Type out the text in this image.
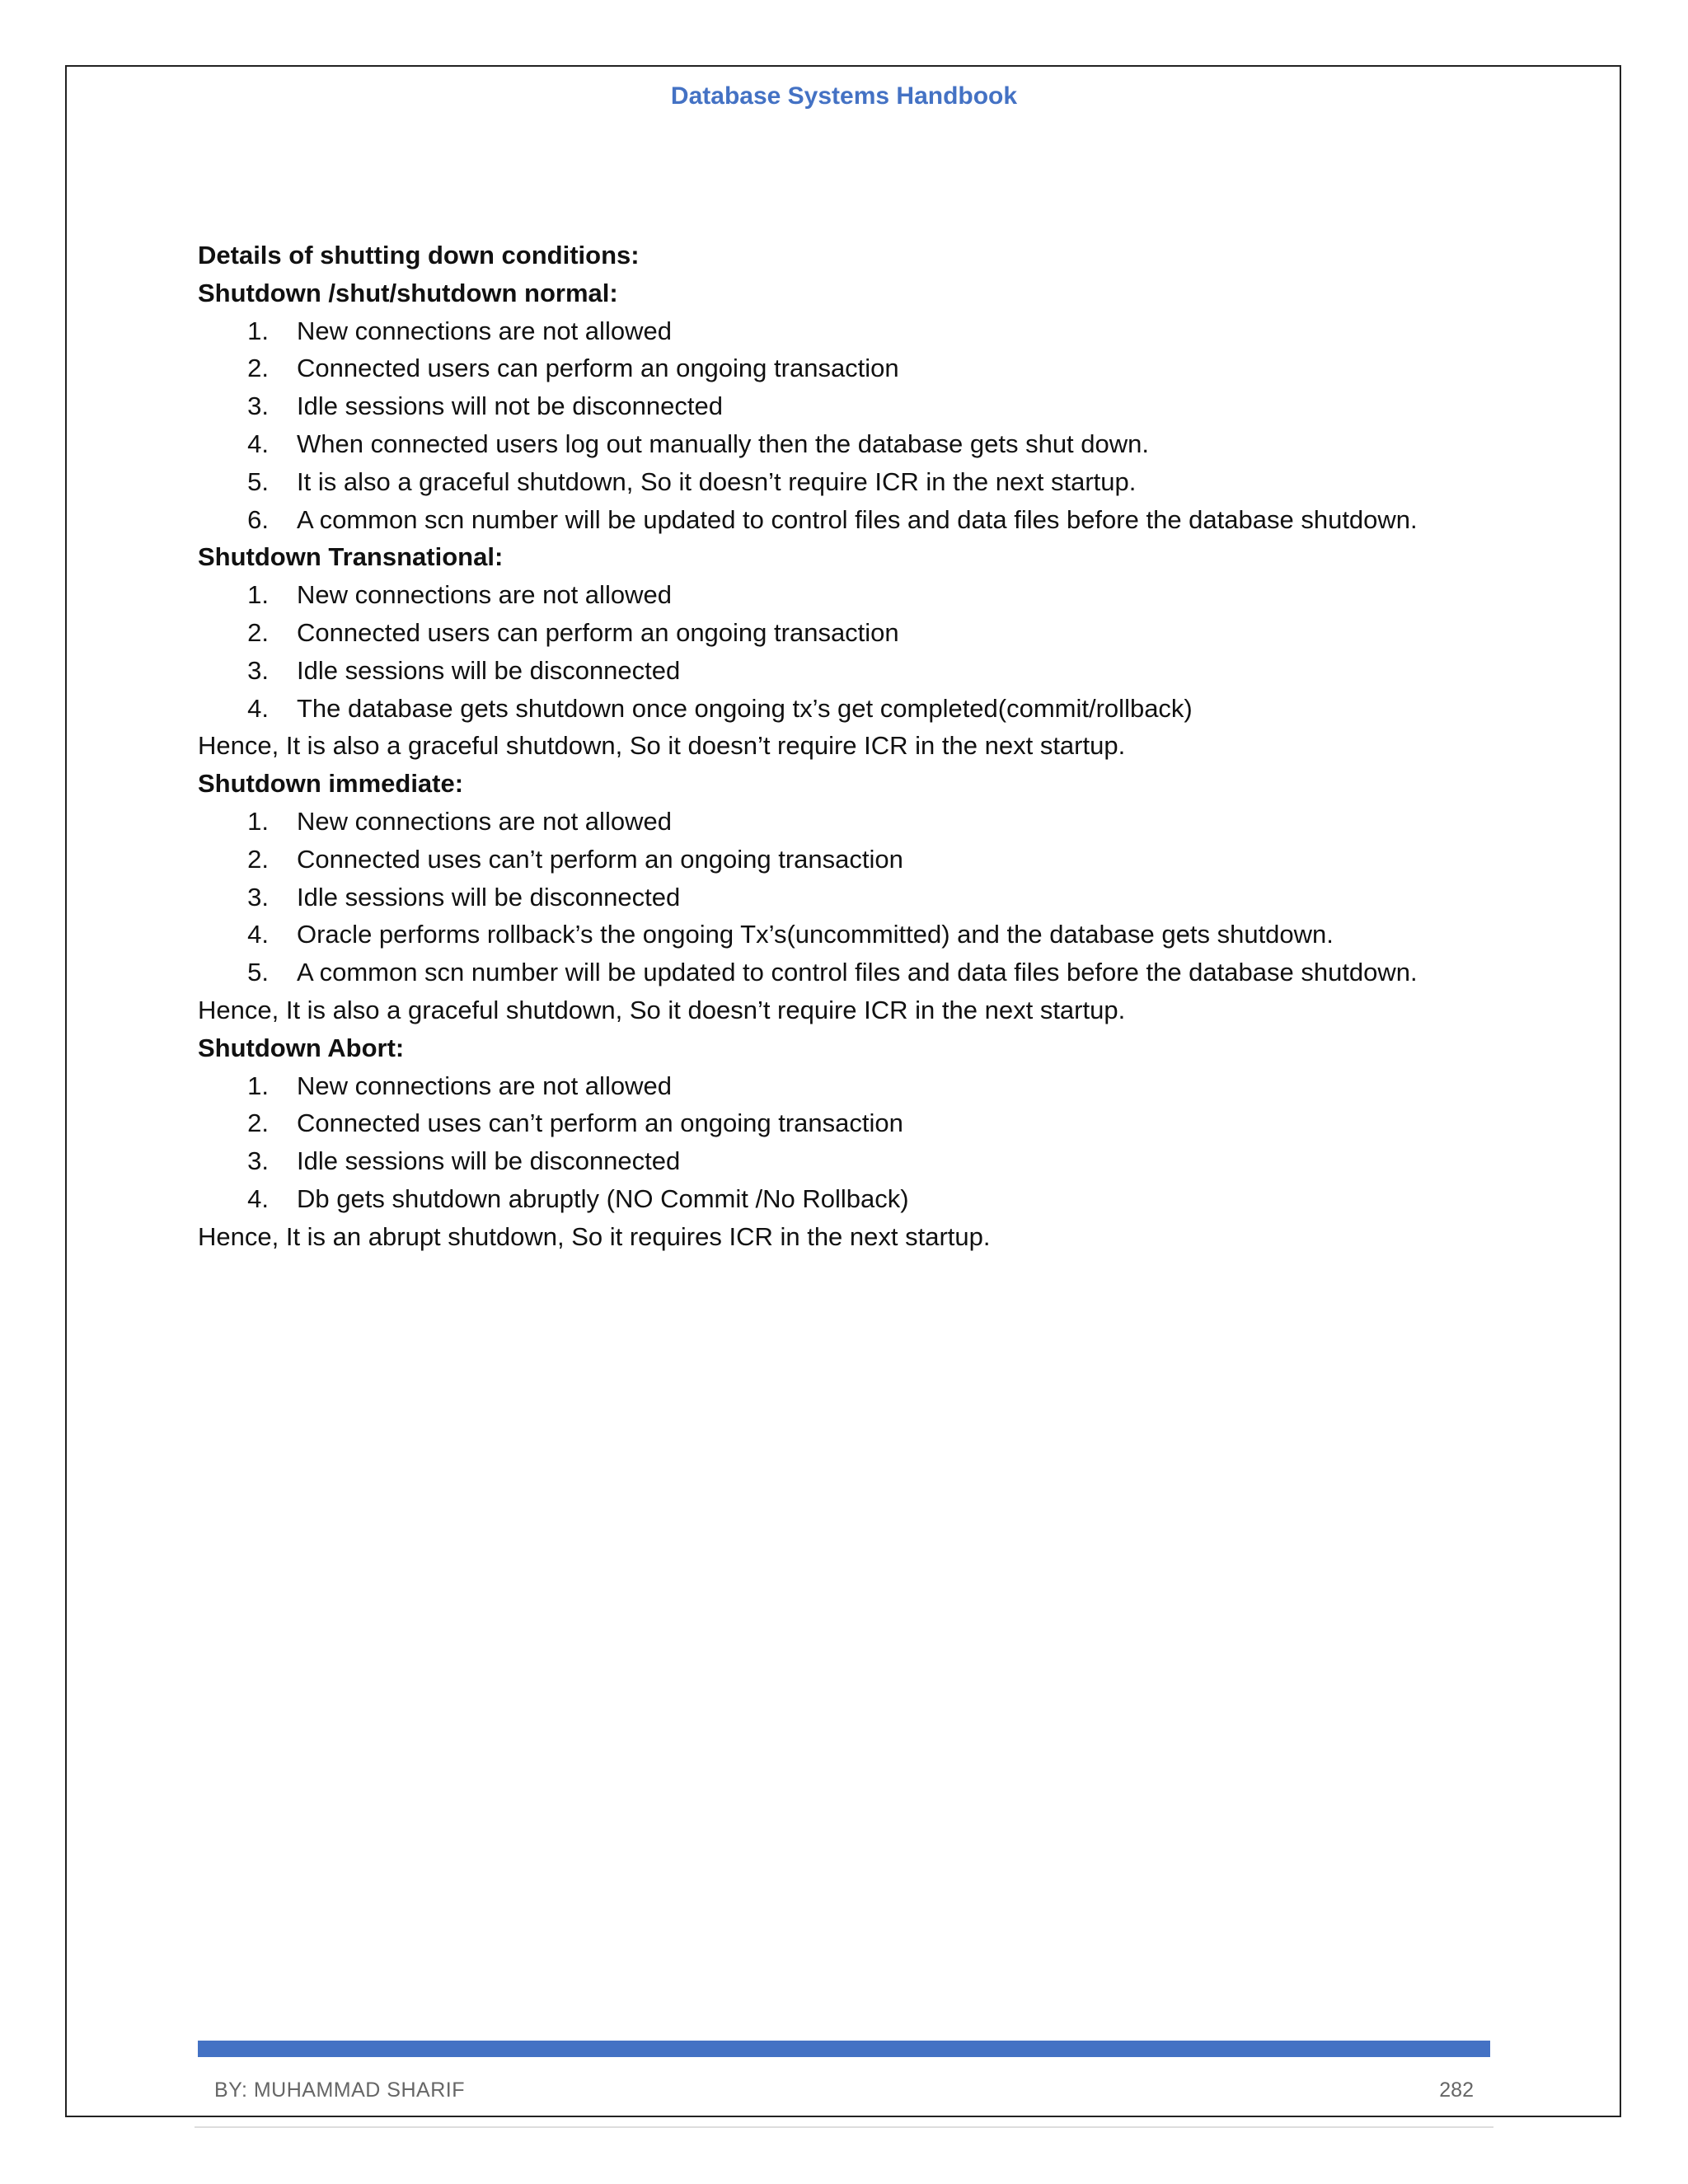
Database Systems Handbook
Details of shutting down conditions:
Shutdown /shut/shutdown normal:
1. New connections are not allowed
2. Connected users can perform an ongoing transaction
3. Idle sessions will not be disconnected
4. When connected users log out manually then the database gets shut down.
5. It is also a graceful shutdown, So it doesn’t require ICR in the next startup.
6. A common scn number will be updated to control files and data files before the database shutdown.
Shutdown Transnational:
1. New connections are not allowed
2. Connected users can perform an ongoing transaction
3. Idle sessions will be disconnected
4. The database gets shutdown once ongoing tx’s get completed(commit/rollback)
Hence, It is also a graceful shutdown, So it doesn’t require ICR in the next startup.
Shutdown immediate:
1. New connections are not allowed
2. Connected uses can’t perform an ongoing transaction
3. Idle sessions will be disconnected
4. Oracle performs rollback’s the ongoing Tx’s(uncommitted) and the database gets shutdown.
5. A common scn number will be updated to control files and data files before the database shutdown.
Hence, It is also a graceful shutdown, So it doesn’t require ICR in the next startup.
Shutdown Abort:
1. New connections are not allowed
2. Connected uses can’t perform an ongoing transaction
3. Idle sessions will be disconnected
4. Db gets shutdown abruptly (NO Commit /No Rollback)
Hence, It is an abrupt shutdown, So it requires ICR in the next startup.
BY: MUHAMMAD SHARIF	282
